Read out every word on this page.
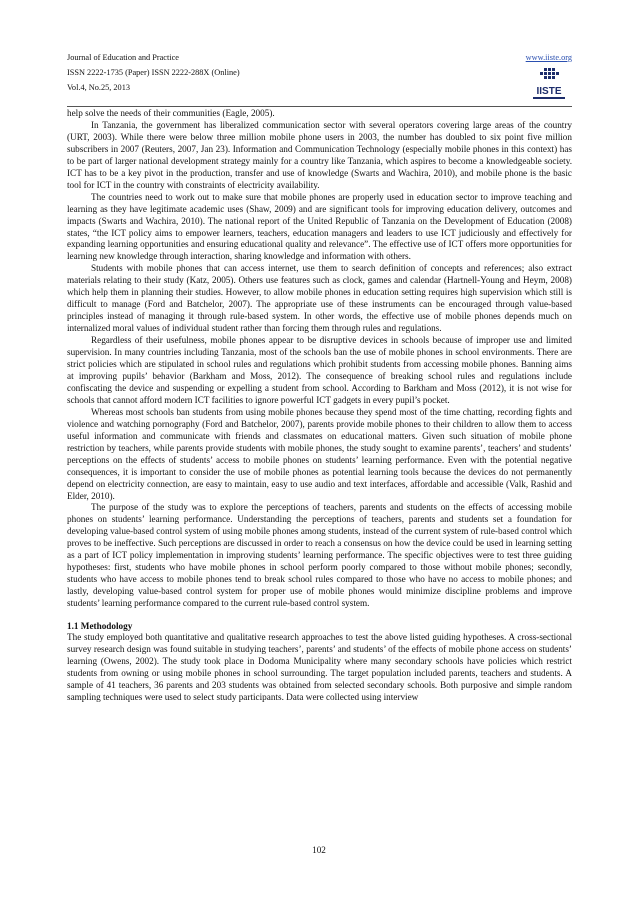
Journal of Education and Practice
ISSN 2222-1735 (Paper) ISSN 2222-288X (Online)
Vol.4, No.25, 2013
www.iiste.org
IISTE

help solve the needs of their communities (Eagle, 2005).

In Tanzania, the government has liberalized communication sector with several operators covering large areas of the country (URT, 2003). While there were below three million mobile phone users in 2003, the number has doubled to six point five million subscribers in 2007 (Reuters, 2007, Jan 23). Information and Communication Technology (especially mobile phones in this context) has to be part of larger national development strategy mainly for a country like Tanzania, which aspires to become a knowledgeable society. ICT has to be a key pivot in the production, transfer and use of knowledge (Swarts and Wachira, 2010), and mobile phone is the basic tool for ICT in the country with constraints of electricity availability.

The countries need to work out to make sure that mobile phones are properly used in education sector to improve teaching and learning as they have legitimate academic uses (Shaw, 2009) and are significant tools for improving education delivery, outcomes and impacts (Swarts and Wachira, 2010). The national report of the United Republic of Tanzania on the Development of Education (2008) states, “the ICT policy aims to empower learners, teachers, education managers and leaders to use ICT judiciously and effectively for expanding learning opportunities and ensuring educational quality and relevance”. The effective use of ICT offers more opportunities for learning new knowledge through interaction, sharing knowledge and information with others.

Students with mobile phones that can access internet, use them to search definition of concepts and references; also extract materials relating to their study (Katz, 2005). Others use features such as clock, games and calendar (Hartnell-Young and Heym, 2008) which help them in planning their studies. However, to allow mobile phones in education setting requires high supervision which still is difficult to manage (Ford and Batchelor, 2007). The appropriate use of these instruments can be encouraged through value-based principles instead of managing it through rule-based system. In other words, the effective use of mobile phones depends much on internalized moral values of individual student rather than forcing them through rules and regulations.

Regardless of their usefulness, mobile phones appear to be disruptive devices in schools because of improper use and limited supervision. In many countries including Tanzania, most of the schools ban the use of mobile phones in school environments. There are strict policies which are stipulated in school rules and regulations which prohibit students from accessing mobile phones. Banning aims at improving pupils’ behavior (Barkham and Moss, 2012). The consequence of breaking school rules and regulations include confiscating the device and suspending or expelling a student from school. According to Barkham and Moss (2012), it is not wise for schools that cannot afford modern ICT facilities to ignore powerful ICT gadgets in every pupil’s pocket.

Whereas most schools ban students from using mobile phones because they spend most of the time chatting, recording fights and violence and watching pornography (Ford and Batchelor, 2007), parents provide mobile phones to their children to allow them to access useful information and communicate with friends and classmates on educational matters. Given such situation of mobile phone restriction by teachers, while parents provide students with mobile phones, the study sought to examine parents’, teachers’ and students’ perceptions on the effects of students’ access to mobile phones on students’ learning performance. Even with the potential negative consequences, it is important to consider the use of mobile phones as potential learning tools because the devices do not permanently depend on electricity connection, are easy to maintain, easy to use audio and text interfaces, affordable and accessible (Valk, Rashid and Elder, 2010).

The purpose of the study was to explore the perceptions of teachers, parents and students on the effects of accessing mobile phones on students’ learning performance. Understanding the perceptions of teachers, parents and students set a foundation for developing value-based control system of using mobile phones among students, instead of the current system of rule-based control which proves to be ineffective. Such perceptions are discussed in order to reach a consensus on how the device could be used in learning setting as a part of ICT policy implementation in improving students’ learning performance. The specific objectives were to test three guiding hypotheses: first, students who have mobile phones in school perform poorly compared to those without mobile phones; secondly, students who have access to mobile phones tend to break school rules compared to those who have no access to mobile phones; and lastly, developing value-based control system for proper use of mobile phones would minimize discipline problems and improve students’ learning performance compared to the current rule-based control system.

1.1 Methodology

The study employed both quantitative and qualitative research approaches to test the above listed guiding hypotheses. A cross-sectional survey research design was found suitable in studying teachers’, parents’ and students’ of the effects of mobile phone access on students’ learning (Owens, 2002). The study took place in Dodoma Municipality where many secondary schools have policies which restrict students from owning or using mobile phones in school surrounding. The target population included parents, teachers and students. A sample of 41 teachers, 36 parents and 203 students was obtained from selected secondary schools. Both purposive and simple random sampling techniques were used to select study participants. Data were collected using interview

102
